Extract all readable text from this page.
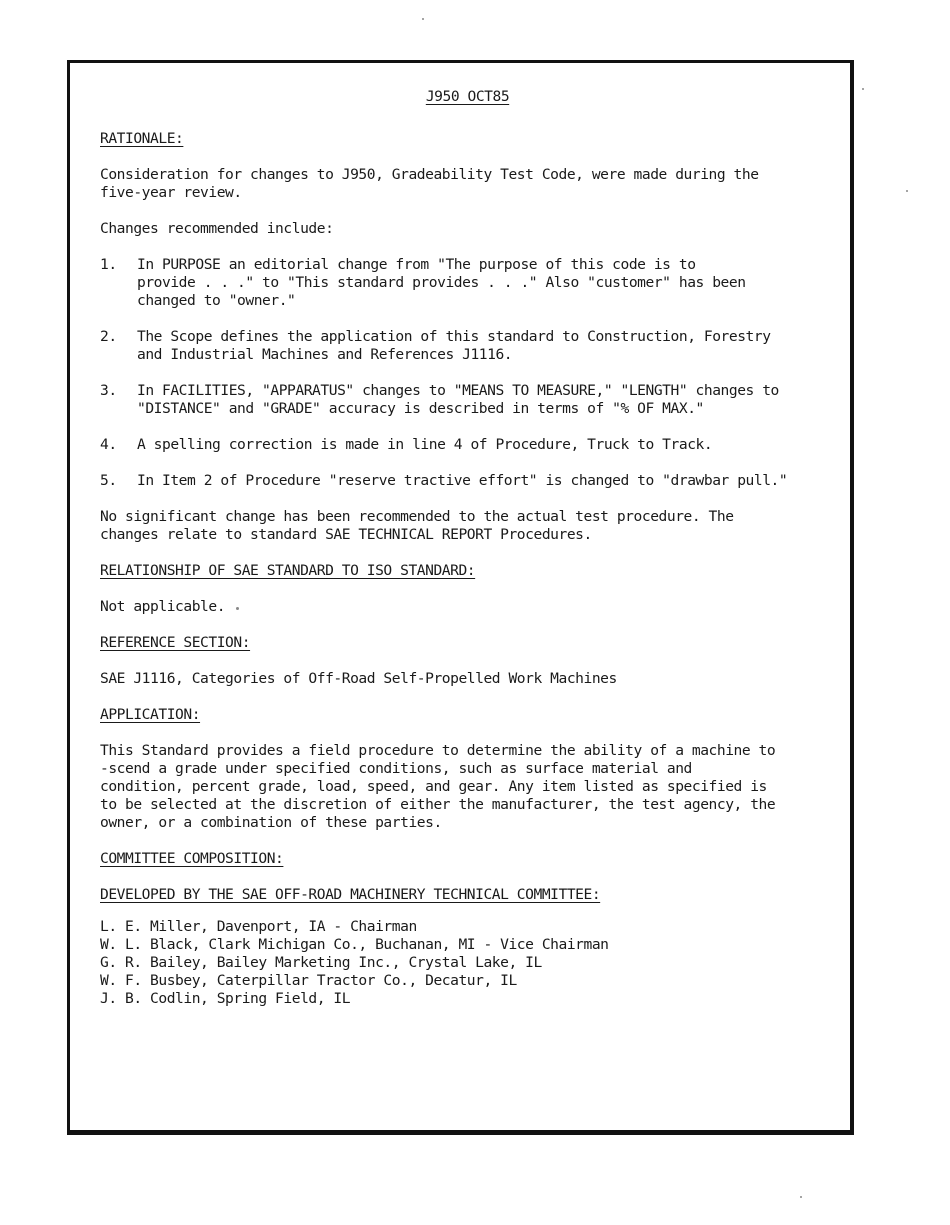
J950 OCT85
RATIONALE:

Consideration for changes to J950, Gradeability Test Code, were made during the
five-year review.

Changes recommended include:

1.	In PURPOSE an editorial change from "The purpose of this code is to
provide . . ." to "This standard provides . . ." Also "customer" has been
changed to "owner."
2.	The Scope defines the application of this standard to Construction, Forestry
and Industrial Machines and References J1116.
3.	In FACILITIES, "APPARATUS" changes to "MEANS TO MEASURE," "LENGTH" changes to
"DISTANCE" and "GRADE" accuracy is described in terms of "% OF MAX."
4.	A spelling correction is made in line 4 of Procedure, Truck to Track.
5.	In Item 2 of Procedure "reserve tractive effort" is changed to "drawbar pull."

No significant change has been recommended to the actual test procedure. The
changes relate to standard SAE TECHNICAL REPORT Procedures.

RELATIONSHIP OF SAE STANDARD TO ISO STANDARD:

Not applicable.

REFERENCE SECTION:

SAE J1116, Categories of Off-Road Self-Propelled Work Machines

APPLICATION:

This Standard provides a field procedure to determine the ability of a machine to
-scend a grade under specified conditions, such as surface material and
condition, percent grade, load, speed, and gear. Any item listed as specified is
to be selected at the discretion of either the manufacturer, the test agency, the
owner, or a combination of these parties.

COMMITTEE COMPOSITION:
DEVELOPED BY THE SAE OFF-ROAD MACHINERY TECHNICAL COMMITTEE:
L. E. Miller, Davenport, IA - Chairman
W. L. Black, Clark Michigan Co., Buchanan, MI - Vice Chairman
G. R. Bailey, Bailey Marketing Inc., Crystal Lake, IL
W. F. Busbey, Caterpillar Tractor Co., Decatur, IL
J. B. Codlin, Spring Field, IL
